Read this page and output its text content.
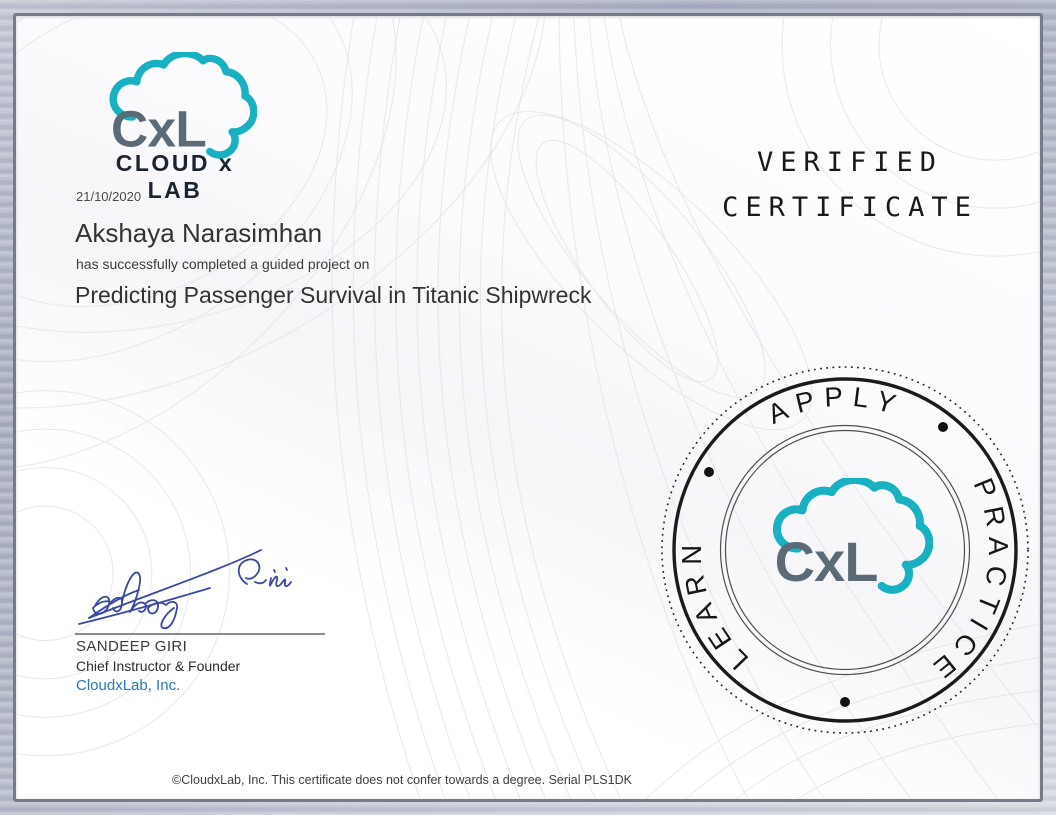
CLOUD x LAB
21/10/2020
Akshaya Narasimhan
has successfully completed a guided project on
Predicting Passenger Survival in Titanic Shipwreck
VERIFIED
CERTIFICATE
APPLY
PRACTICE
LEARN
SANDEEP GIRI
Chief Instructor & Founder
CloudxLab, Inc.
©CloudxLab, Inc. This certificate does not confer towards a degree. Serial PLS1DK
